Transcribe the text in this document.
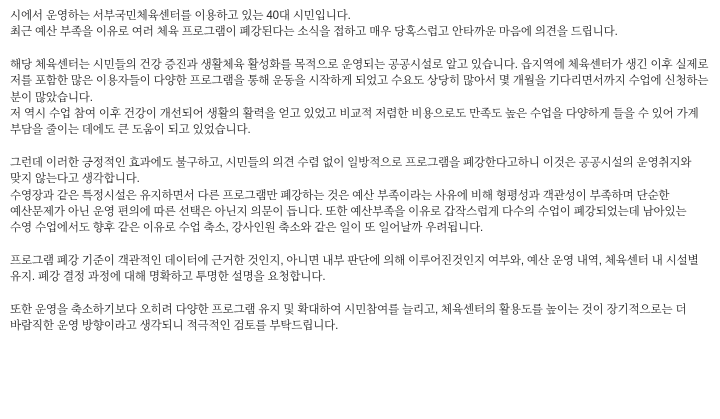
시에서 운영하는 서부국민체육센터를 이용하고 있는 40대 시민입니다.

최근 예산 부족을 이유로 여러 체육 프로그램이 폐강된다는 소식을 접하고 매우 당혹스럽고 안타까운 마음에 의견을 드립니다.

해당 체육센터는 시민들의 건강 증진과 생활체육 활성화를 목적으로 운영되는 공공시설로 알고 있습니다. 읍지역에 체육센터가 생긴 이후 실제로 저를 포함한 많은 이용자들이 다양한 프로그램을 통해 운동을 시작하게 되었고 수요도 상당히 많아서 몇 개월을 기다리면서까지 수업에 신청하는 분이 많았습니다.

저 역시 수업 참여 이후 건강이 개선되어 생활의 활력을 얻고 있었고 비교적 저렴한 비용으로도 만족도 높은 수업을 다양하게 들을 수 있어 가계 부담을 줄이는 데에도 큰 도움이 되고 있었습니다.

그런데 이러한 긍정적인 효과에도 불구하고, 시민들의 의견 수렴 없이 일방적으로 프로그램을 폐강한다고하니 이것은 공공시설의 운영취지와 맞지 않는다고 생각합니다.

수영장과 같은 특정시설은 유지하면서 다른 프로그램만 폐강하는 것은 예산 부족이라는 사유에 비해 형평성과 객관성이 부족하며 단순한 예산문제가 아닌 운영 편의에 따른 선택은 아닌지 의문이 듭니다. 또한 예산부족을 이유로 갑작스럽게 다수의 수업이 폐강되었는데 남아있는 수영 수업에서도 향후 같은 이유로 수업 축소, 강사인원 축소와 같은 일이 또 일어날까 우려됩니다.

프로그램 폐강 기준이 객관적인 데이터에 근거한 것인지, 아니면 내부 판단에 의해 이루어진것인지 여부와, 예산 운영 내역, 체육센터 내 시설별 유지. 폐강 결정 과정에 대해 명확하고 투명한 설명을 요청합니다.

또한 운영을 축소하기보다 오히려 다양한 프로그램 유지 및 확대하여 시민참여를 늘리고, 체육센터의 활용도를 높이는 것이 장기적으로는 더 바람직한 운영 방향이라고 생각되니 적극적인 검토를 부탁드립니다.
